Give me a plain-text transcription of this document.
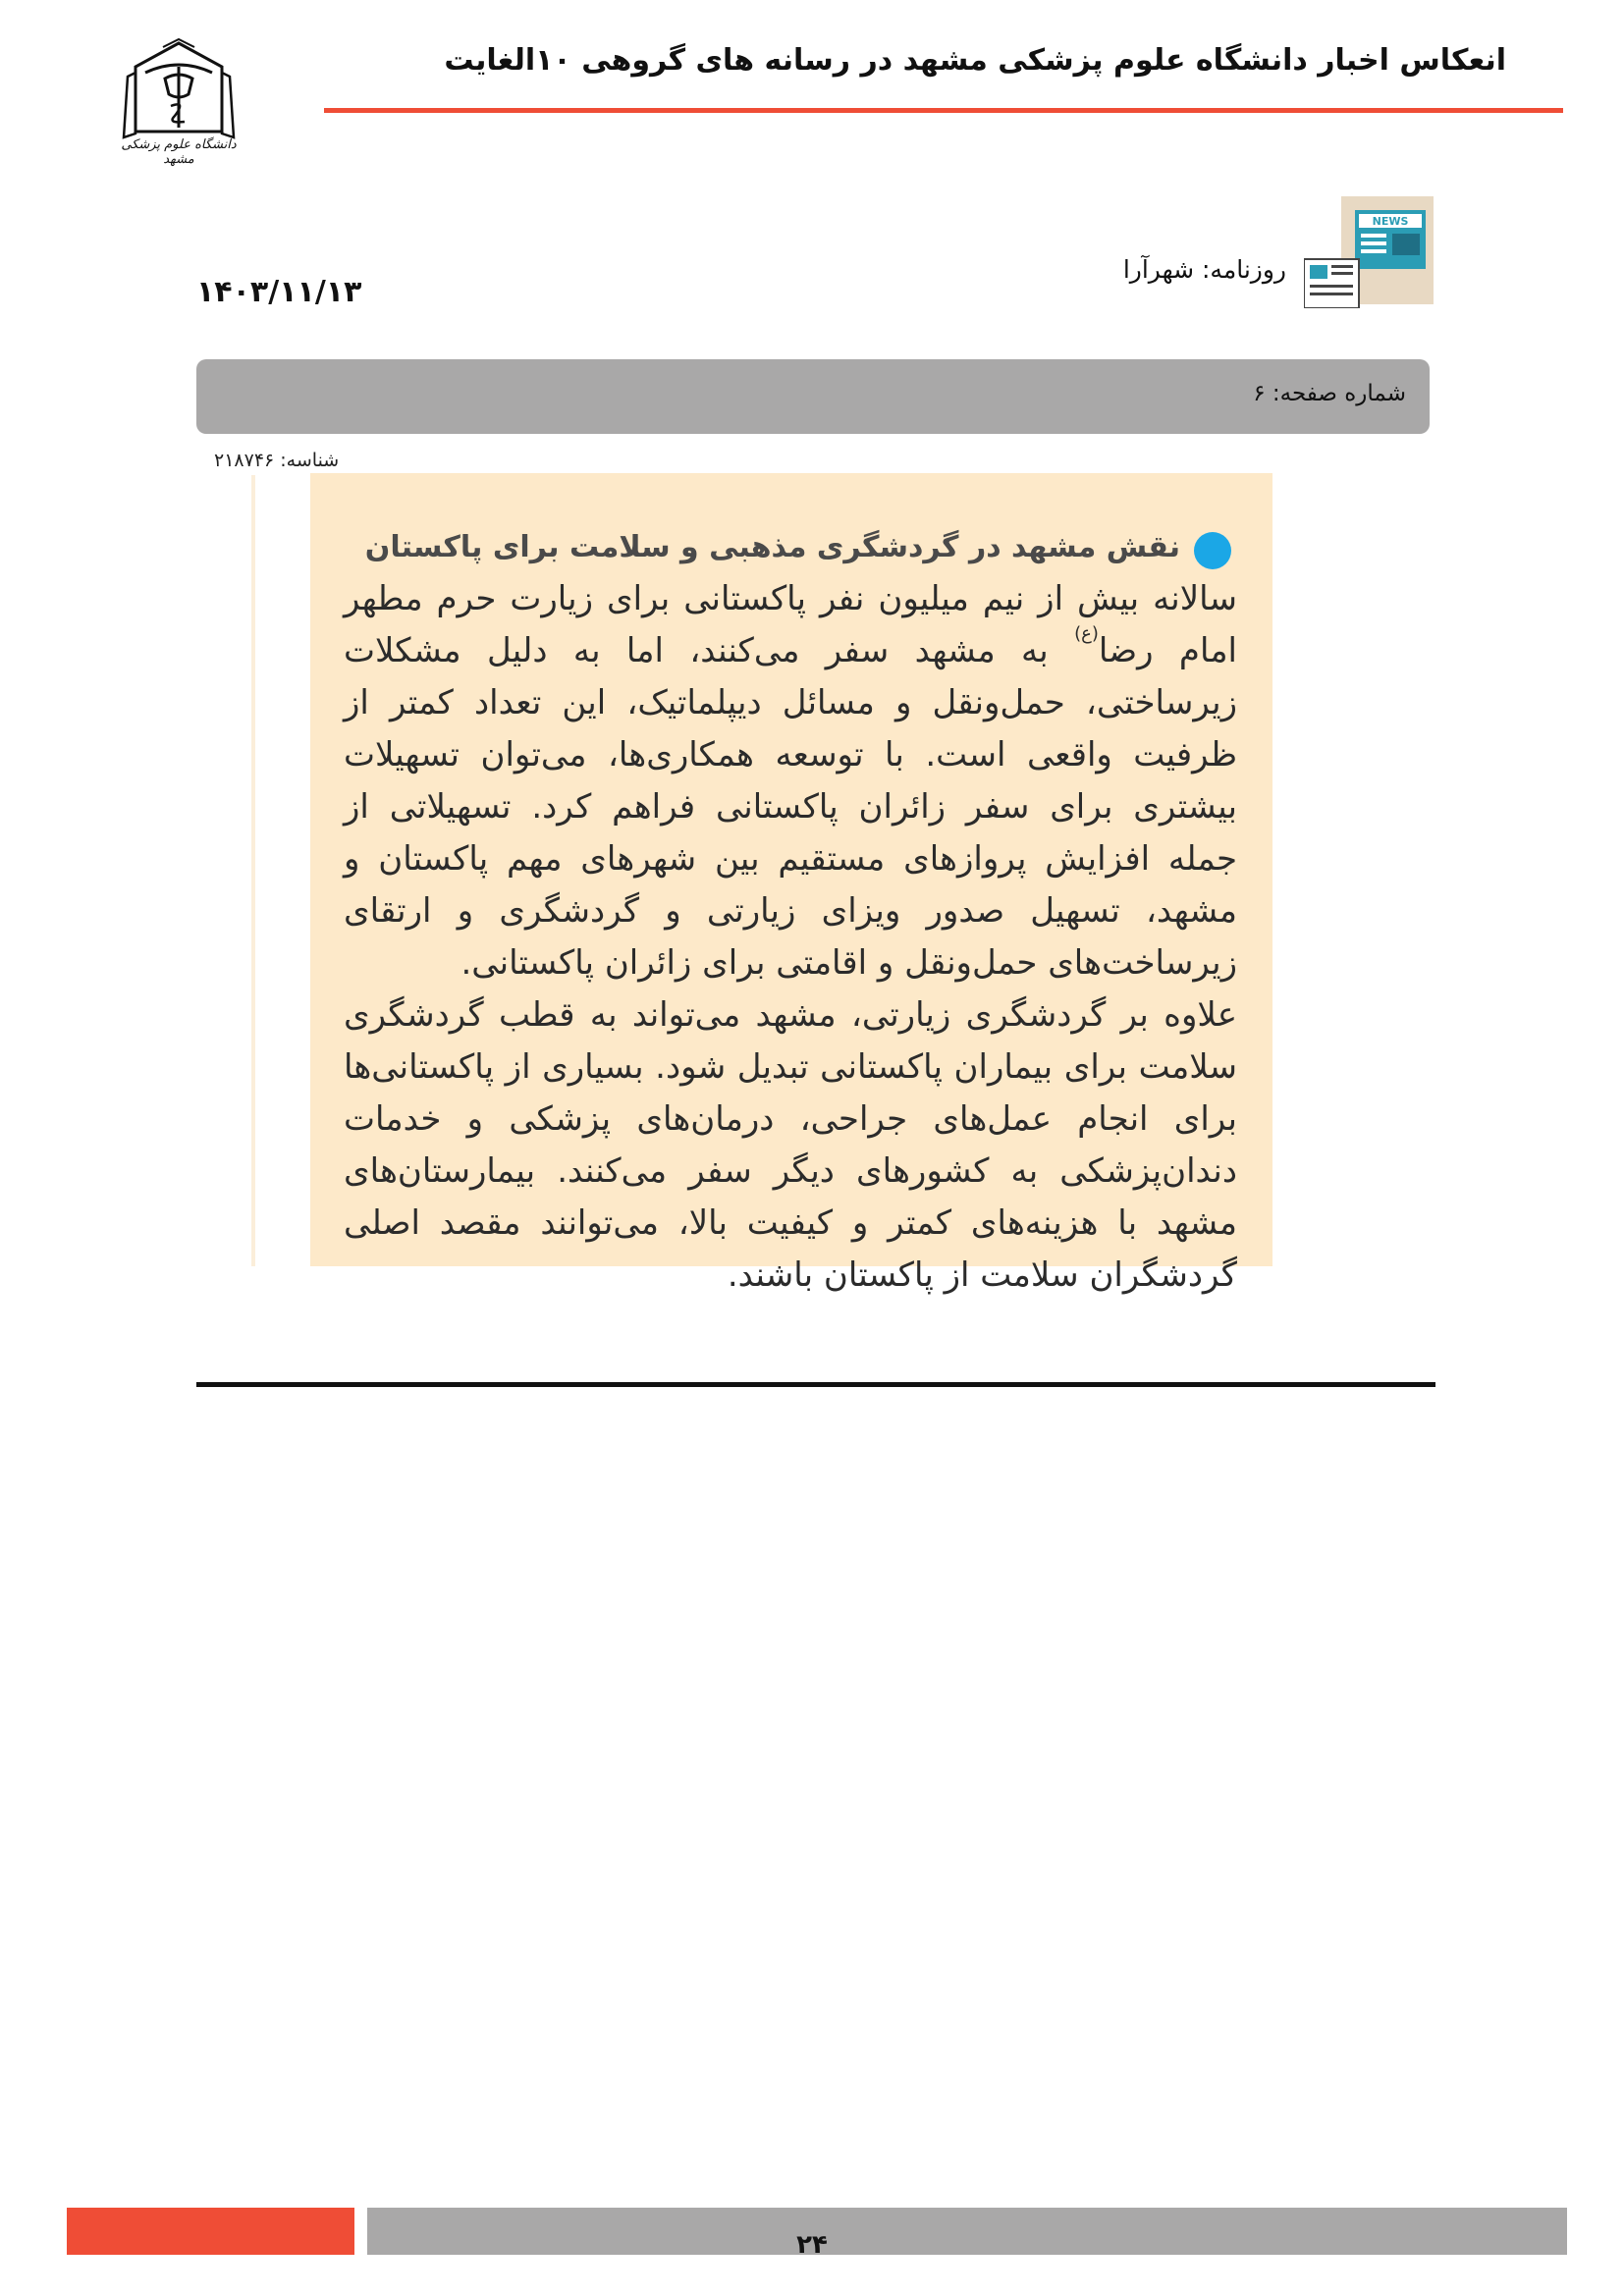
دانشگاه علوم پزشکی مشهد
انعکاس اخبار دانشگاه علوم پزشکی مشهد در رسانه های گروهی ۱۰الغایت
NEWS
روزنامه: شهرآرا
۱۴۰۳/۱۱/۱۳
شماره صفحه: ۶
شناسه: ۲۱۸۷۴۶
نقش مشهد در گردشگری مذهبی و سلامت برای پاکستان

سالانه بیش از نیم میلیون نفر پاکستانی برای زیارت حرم مطهر امام رضا$^{(ع)}$ به مشهد سفر می‌کنند، اما به دلیل مشکلات زیرساختی، حمل‌ونقل و مسائل دیپلماتیک، این تعداد کمتر از ظرفیت واقعی است. با توسعه همکاری‌ها، می‌توان تسهیلات بیشتری برای سفر زائران پاکستانی فراهم کرد. تسهیلاتی از جمله افزایش پروازهای مستقیم بین شهرهای مهم پاکستان و مشهد، تسهیل صدور ویزای زیارتی و گردشگری و ارتقای زیرساخت‌های حمل‌ونقل و اقامتی برای زائران پاکستانی.

علاوه بر گردشگری زیارتی، مشهد می‌تواند به قطب گردشگری سلامت برای بیماران پاکستانی تبدیل شود. بسیاری از پاکستانی‌ها برای انجام عمل‌های جراحی، درمان‌های پزشکی و خدمات دندان‌پزشکی به کشورهای دیگر سفر می‌کنند. بیمارستان‌های مشهد با هزینه‌های کمتر و کیفیت بالا، می‌توانند مقصد اصلی گردشگران سلامت از پاکستان باشند.

۲۴
